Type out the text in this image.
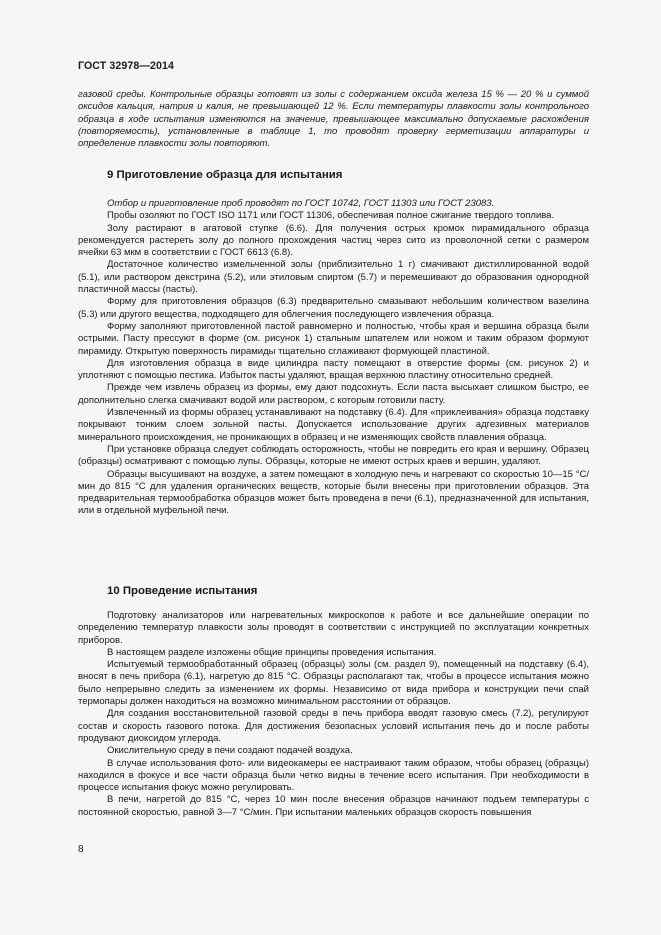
ГОСТ 32978—2014

газовой среды. Контрольные образцы готовят из золы с содержанием оксида железа 15 % — 20 % и суммой оксидов кальция, натрия и калия, не превышающей 12 %. Если температуры плавкости золы контрольного образца в ходе испытания изменяются на значение, превышающее максимально допускаемые расхождения (повторяемость), установленные в таблице 1, то проводят проверку герметизации аппаратуры и определение плавкости золы повторяют.

9 Приготовление образца для испытания

Отбор и приготовление проб проводят по ГОСТ 10742, ГОСТ 11303 или ГОСТ 23083.

Пробы озоляют по ГОСТ ISO 1171 или ГОСТ 11306, обеспечивая полное сжигание твердого топлива.

Золу растирают в агатовой ступке (6.6). Для получения острых кромок пирамидального образца рекомендуется растереть золу до полного прохождения частиц через сито из проволочной сетки с размером ячейки 63 мкм в соответствии с ГОСТ 6613 (6.8).

Достаточное количество измельченной золы (приблизительно 1 г) смачивают дистиллированной водой (5.1), или раствором декстрина (5.2), или этиловым спиртом (5.7) и перемешивают до образования однородной пластичной массы (пасты).

Форму для приготовления образцов (6.3) предварительно смазывают небольшим количеством вазелина (5.3) или другого вещества, подходящего для облегчения последующего извлечения образца.

Форму заполняют приготовленной пастой равномерно и полностью, чтобы края и вершина образца были острыми. Пасту прессуют в форме (см. рисунок 1) стальным шпателем или ножом и таким образом формуют пирамиду. Открытую поверхность пирамиды тщательно сглаживают формующей пластиной.

Для изготовления образца в виде цилиндра пасту помещают в отверстие формы (см. рисунок 2) и уплотняют с помощью пестика. Избыток пасты удаляют, вращая верхнюю пластину относительно средней.

Прежде чем извлечь образец из формы, ему дают подсохнуть. Если паста высыхает слишком быстро, ее дополнительно слегка смачивают водой или раствором, с которым готовили пасту.

Извлеченный из формы образец устанавливают на подставку (6.4). Для «приклеивания» образца подставку покрывают тонким слоем зольной пасты. Допускается использование других адгезивных материалов минерального происхождения, не проникающих в образец и не изменяющих свойств плавления образца.

При установке образца следует соблюдать осторожность, чтобы не повредить его края и вершину. Образец (образцы) осматривают с помощью лупы. Образцы, которые не имеют острых краев и вершин, удаляют.

Образцы высушивают на воздухе, а затем помещают в холодную печь и нагревают со скоростью 10—15 °С/мин до 815 °С для удаления органических веществ, которые были внесены при приготовлении образцов. Эта предварительная термообработка образцов может быть проведена в печи (6.1), предназначенной для испытания, или в отдельной муфельной печи.

10 Проведение испытания

Подготовку анализаторов или нагревательных микроскопов к работе и все дальнейшие операции по определению температур плавкости золы проводят в соответствии с инструкцией по эксплуатации конкретных приборов.

В настоящем разделе изложены общие принципы проведения испытания.

Испытуемый термообработанный образец (образцы) золы (см. раздел 9), помещенный на подставку (6.4), вносят в печь прибора (6.1), нагретую до 815 °С. Образцы располагают так, чтобы в процессе испытания можно было непрерывно следить за изменением их формы. Независимо от вида прибора и конструкции печи спай термопары должен находиться на возможно минимальном расстоянии от образцов.

Для создания восстановительной газовой среды в печь прибора вводят газовую смесь (7.2), регулируют состав и скорость газового потока. Для достижения безопасных условий испытания печь до и после работы продувают диоксидом углерода.

Окислительную среду в печи создают подачей воздуха.

В случае использования фото- или видеокамеры ее настраивают таким образом, чтобы образец (образцы) находился в фокусе и все части образца были четко видны в течение всего испытания. При необходимости в процессе испытания фокус можно регулировать.

В печи, нагретой до 815 °С, через 10 мин после внесения образцов начинают подъем температуры с постоянной скоростью, равной 3—7 °С/мин. При испытании маленьких образцов скорость повышения

8
